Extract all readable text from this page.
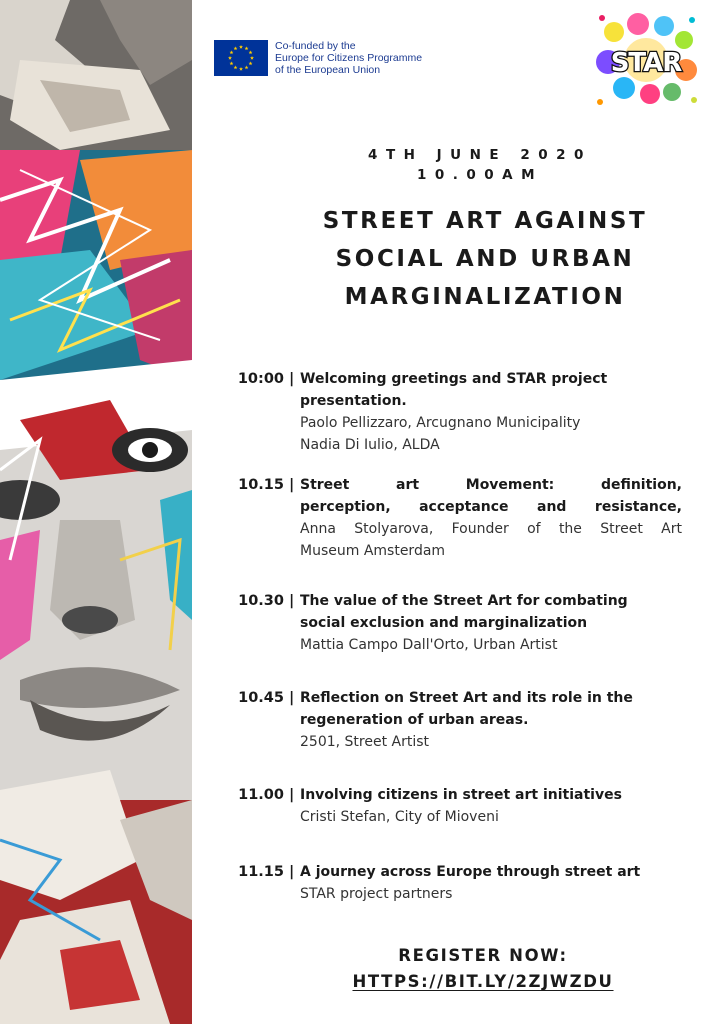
Co-funded by the
Europe for Citizens Programme
of the European Union	STAR
4TH JUNE 2020
10.00AM
STREET ART AGAINST
SOCIAL AND URBAN
MARGINALIZATION
10:00 | Welcoming greetings and STAR project
presentation.
Paolo Pellizzaro, Arcugnano Municipality
Nadia Di Iulio, ALDA
10.15 | Street art Movement: definition,
perception, acceptance and resistance,
Anna Stolyarova, Founder of the Street Art
Museum Amsterdam
10.30 | The value of the Street Art for combating
social exclusion and marginalization
Mattia Campo Dall'Orto, Urban Artist
10.45 | Reflection on Street Art and its role in the
regeneration of urban areas.
2501, Street Artist
11.00 | Involving citizens in street art initiatives
Cristi Stefan, City of Mioveni
11.15 | A journey across Europe through street art
STAR project partners
REGISTER NOW:
HTTPS://BIT.LY/2ZJWZDU
